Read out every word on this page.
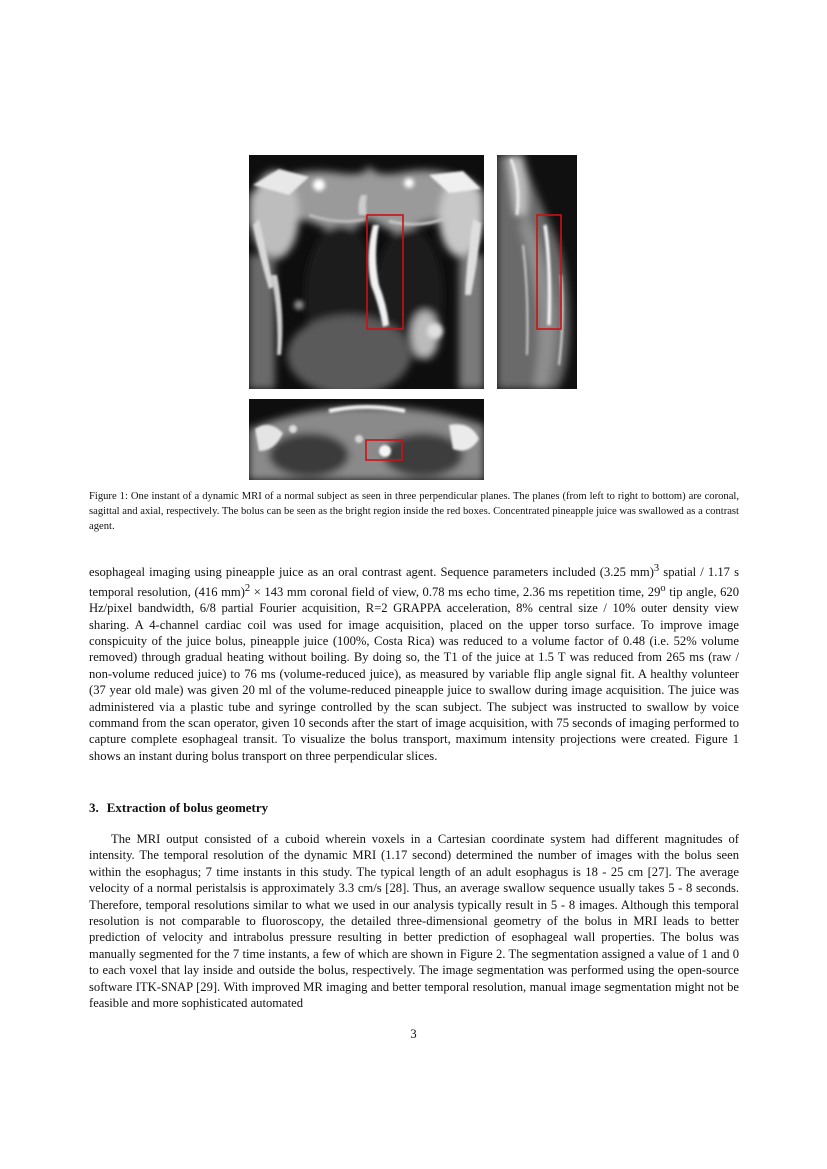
Figure 1: One instant of a dynamic MRI of a normal subject as seen in three perpendicular planes. The planes (from left to right to bottom) are coronal, sagittal and axial, respectively. The bolus can be seen as the bright region inside the red boxes. Concentrated pineapple juice was swallowed as a contrast agent.

esophageal imaging using pineapple juice as an oral contrast agent. Sequence parameters included (3.25 mm)$^3$ spatial / 1.17 s temporal resolution, (416 mm)$^2$ × 143 mm coronal field of view, 0.78 ms echo time, 2.36 ms repetition time, 29$^o$ tip angle, 620 Hz/pixel bandwidth, 6/8 partial Fourier acquisition, R=2 GRAPPA acceleration, 8% central size / 10% outer density view sharing. A 4-channel cardiac coil was used for image acquisition, placed on the upper torso surface. To improve image conspicuity of the juice bolus, pineapple juice (100%, Costa Rica) was reduced to a volume factor of 0.48 (i.e. 52% volume removed) through gradual heating without boiling. By doing so, the T1 of the juice at 1.5 T was reduced from 265 ms (raw / non-volume reduced juice) to 76 ms (volume-reduced juice), as measured by variable flip angle signal fit. A healthy volunteer (37 year old male) was given 20 ml of the volume-reduced pineapple juice to swallow during image acquisition. The juice was administered via a plastic tube and syringe controlled by the scan subject. The subject was instructed to swallow by voice command from the scan operator, given 10 seconds after the start of image acquisition, with 75 seconds of imaging performed to capture complete esophageal transit. To visualize the bolus transport, maximum intensity projections were created. Figure 1 shows an instant during bolus transport on three perpendicular slices.

3. Extraction of bolus geometry

The MRI output consisted of a cuboid wherein voxels in a Cartesian coordinate system had different magnitudes of intensity. The temporal resolution of the dynamic MRI (1.17 second) determined the number of images with the bolus seen within the esophagus; 7 time instants in this study. The typical length of an adult esophagus is 18 - 25 cm [27]. The average velocity of a normal peristalsis is approximately 3.3 cm/s [28]. Thus, an average swallow sequence usually takes 5 - 8 seconds. Therefore, temporal resolutions similar to what we used in our analysis typically result in 5 - 8 images. Although this temporal resolution is not comparable to fluoroscopy, the detailed three-dimensional geometry of the bolus in MRI leads to better prediction of velocity and intrabolus pressure resulting in better prediction of esophageal wall properties. The bolus was manually segmented for the 7 time instants, a few of which are shown in Figure 2. The segmentation assigned a value of 1 and 0 to each voxel that lay inside and outside the bolus, respectively. The image segmentation was performed using the open-source software ITK-SNAP [29]. With improved MR imaging and better temporal resolution, manual image segmentation might not be feasible and more sophisticated automated

3
